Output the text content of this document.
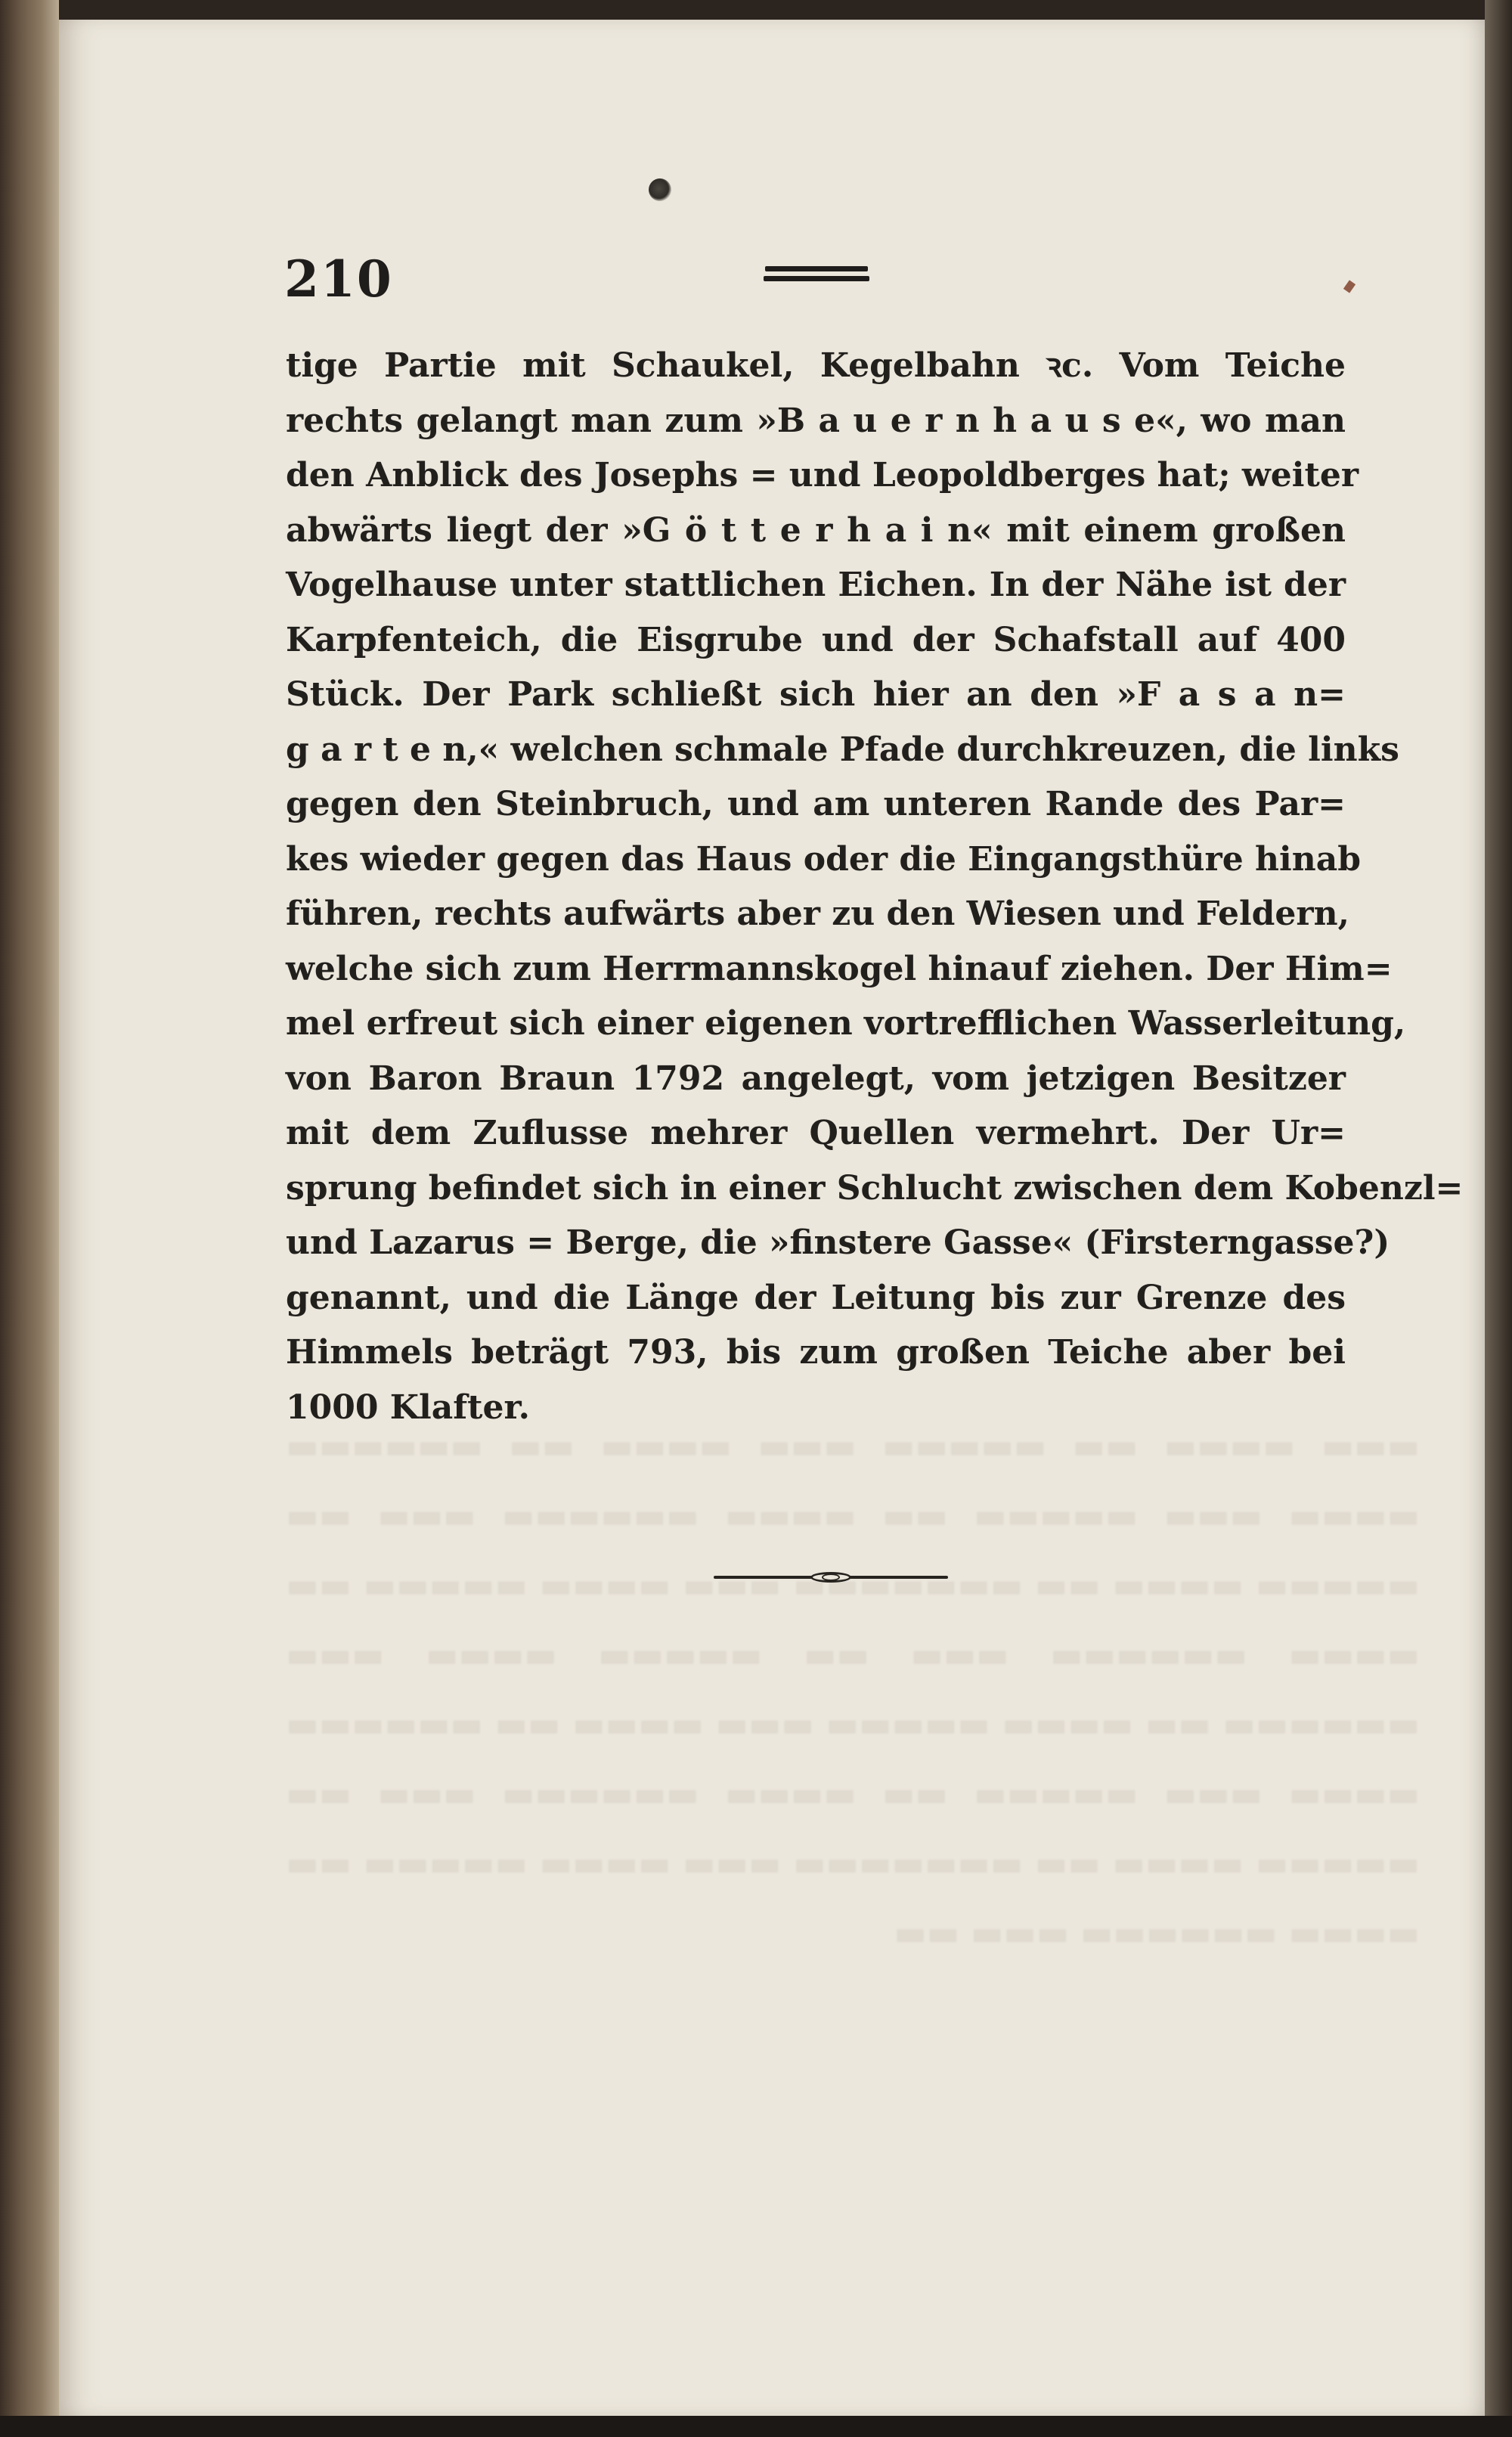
▬▬▬ ▬▬▬▬ ▬▬ ▬▬▬▬▬ ▬▬▬ ▬▬▬▬ ▬▬ ▬▬▬▬▬▬ ▬▬▬▬ ▬▬▬ ▬▬▬▬▬ ▬▬ ▬▬▬▬ ▬▬▬▬▬▬ ▬▬▬ ▬▬ ▬▬▬▬▬ ▬▬▬▬ ▬▬ ▬▬▬▬▬▬▬ ▬▬▬ ▬▬▬▬ ▬▬▬▬▬ ▬▬ ▬▬▬▬ ▬▬▬▬▬▬ ▬▬▬ ▬▬ ▬▬▬▬▬ ▬▬▬▬ ▬▬▬ ▬▬▬▬▬▬ ▬▬ ▬▬▬▬ ▬▬▬▬▬ ▬▬▬ ▬▬▬▬ ▬▬ ▬▬▬▬▬▬ ▬▬▬▬ ▬▬▬ ▬▬▬▬▬ ▬▬ ▬▬▬▬ ▬▬▬▬▬▬ ▬▬▬ ▬▬ ▬▬▬▬▬ ▬▬▬▬ ▬▬ ▬▬▬▬▬▬▬ ▬▬▬ ▬▬▬▬ ▬▬▬▬▬ ▬▬ ▬▬▬▬ ▬▬▬▬▬▬ ▬▬▬ ▬▬
210
tige Partie mit Schaukel, Kegelbahn ꝛc. Vom Teiche
rechts gelangt man zum »B a u e r n h a u s e«, wo man
den Anblick des Josephs = und Leopoldberges hat; weiter
abwärts liegt der »G ö t t e r h a i n« mit einem großen
Vogelhause unter stattlichen Eichen. In der Nähe ist der
Karpfenteich, die Eisgrube und der Schafstall auf 400
Stück. Der Park schließt sich hier an den »F a s a n=
g a r t e n,« welchen schmale Pfade durchkreuzen, die links
gegen den Steinbruch, und am unteren Rande des Par=
kes wieder gegen das Haus oder die Eingangsthüre hinab
führen, rechts aufwärts aber zu den Wiesen und Feldern,
welche sich zum Herrmannskogel hinauf ziehen. Der Him=
mel erfreut sich einer eigenen vortrefflichen Wasserleitung,
von Baron Braun 1792 angelegt, vom jetzigen Besitzer
mit dem Zuflusse mehrer Quellen vermehrt. Der Ur=
sprung befindet sich in einer Schlucht zwischen dem Kobenzl=
und Lazarus = Berge, die »finstere Gasse« (Firsterngasse?)
genannt, und die Länge der Leitung bis zur Grenze des
Himmels beträgt 793, bis zum großen Teiche aber bei
1000 Klafter.
